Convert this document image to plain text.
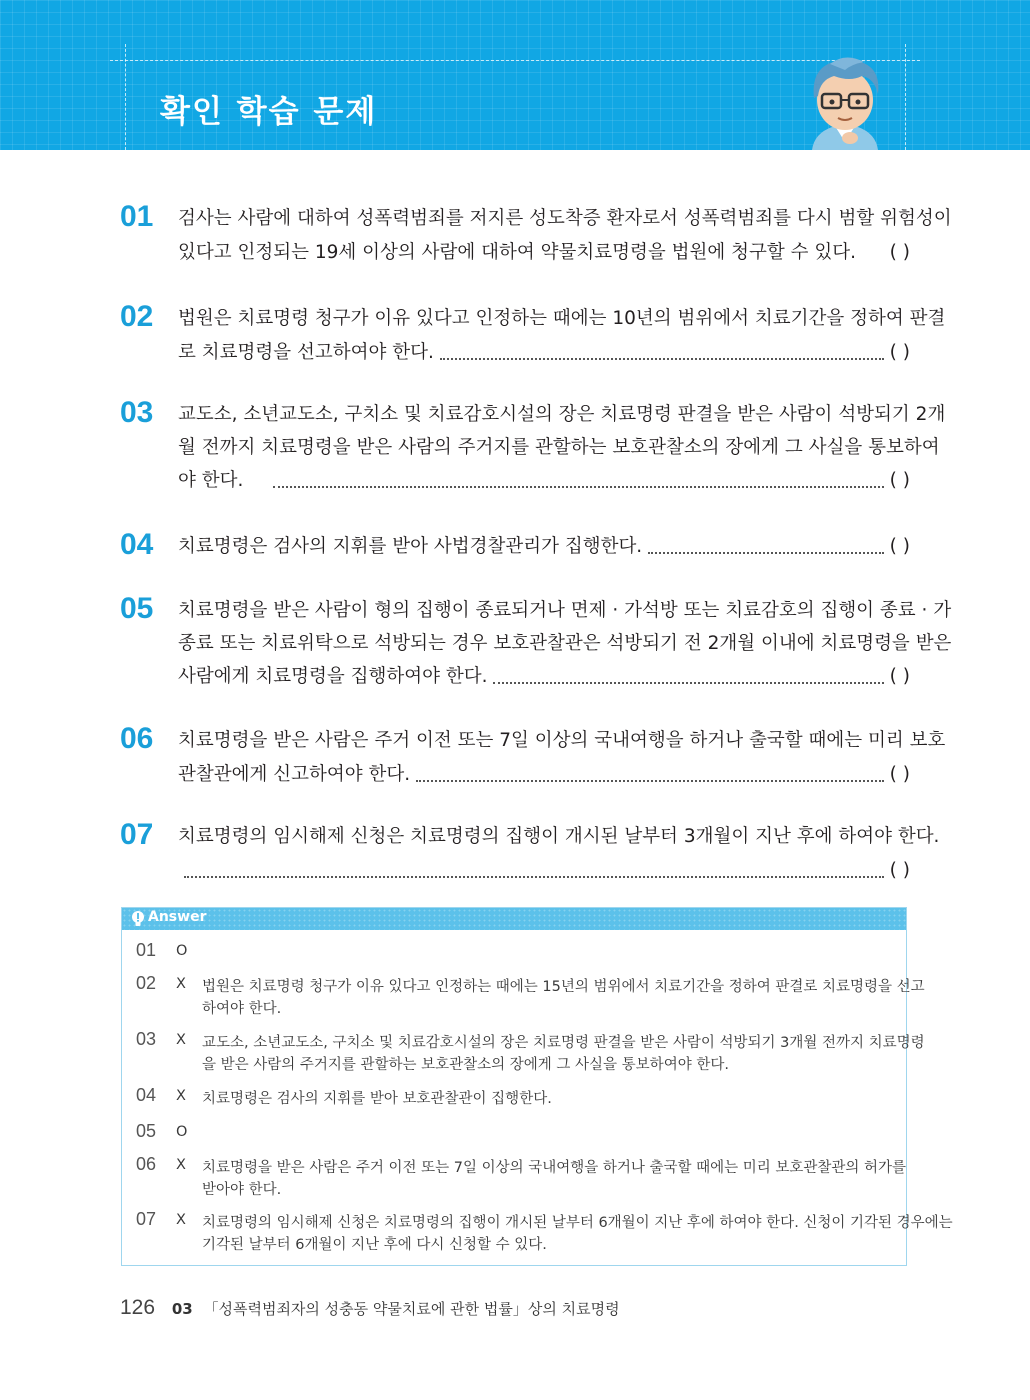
확인 학습 문제
01 검사는 사람에 대하여 성폭력범죄를 저지른 성도착증 환자로서 성폭력범죄를 다시 범할 위험성이
있다고 인정되는 19세 이상의 사람에 대하여 약물치료명령을 법원에 청구할 수 있다. ( )
02 법원은 치료명령 청구가 이유 있다고 인정하는 때에는 10년의 범위에서 치료기간을 정하여 판결
로 치료명령을 선고하여야 한다.	( )
03 교도소, 소년교도소, 구치소 및 치료감호시설의 장은 치료명령 판결을 받은 사람이 석방되기 2개
월 전까지 치료명령을 받은 사람의 주거지를 관할하는 보호관찰소의 장에게 그 사실을 통보하여
야 한다.	( )
04 치료명령은 검사의 지휘를 받아 사법경찰관리가 집행한다.	( )
05 치료명령을 받은 사람이 형의 집행이 종료되거나 면제 · 가석방 또는 치료감호의 집행이 종료 · 가
종료 또는 치료위탁으로 석방되는 경우 보호관찰관은 석방되기 전 2개월 이내에 치료명령을 받은
사람에게 치료명령을 집행하여야 한다.	( )
06 치료명령을 받은 사람은 주거 이전 또는 7일 이상의 국내여행을 하거나 출국할 때에는 미리 보호
관찰관에게 신고하여야 한다.	( )
07 치료명령의 임시해제 신청은 치료명령의 집행이 개시된 날부터 3개월이 지난 후에 하여야 한다.
( )
Answer
01 O
02 X 법원은 치료명령 청구가 이유 있다고 인정하는 때에는 15년의 범위에서 치료기간을 정하여 판결로 치료명령을 선고
하여야 한다.
03 X 교도소, 소년교도소, 구치소 및 치료감호시설의 장은 치료명령 판결을 받은 사람이 석방되기 3개월 전까지 치료명령
을 받은 사람의 주거지를 관할하는 보호관찰소의 장에게 그 사실을 통보하여야 한다.
04 X 치료명령은 검사의 지휘를 받아 보호관찰관이 집행한다.
05 O
06 X 치료명령을 받은 사람은 주거 이전 또는 7일 이상의 국내여행을 하거나 출국할 때에는 미리 보호관찰관의 허가를
받아야 한다.
07 X 치료명령의 임시해제 신청은 치료명령의 집행이 개시된 날부터 6개월이 지난 후에 하여야 한다. 신청이 기각된 경우에는
기각된 날부터 6개월이 지난 후에 다시 신청할 수 있다.
126 03 「성폭력범죄자의 성충동 약물치료에 관한 법률」상의 치료명령
